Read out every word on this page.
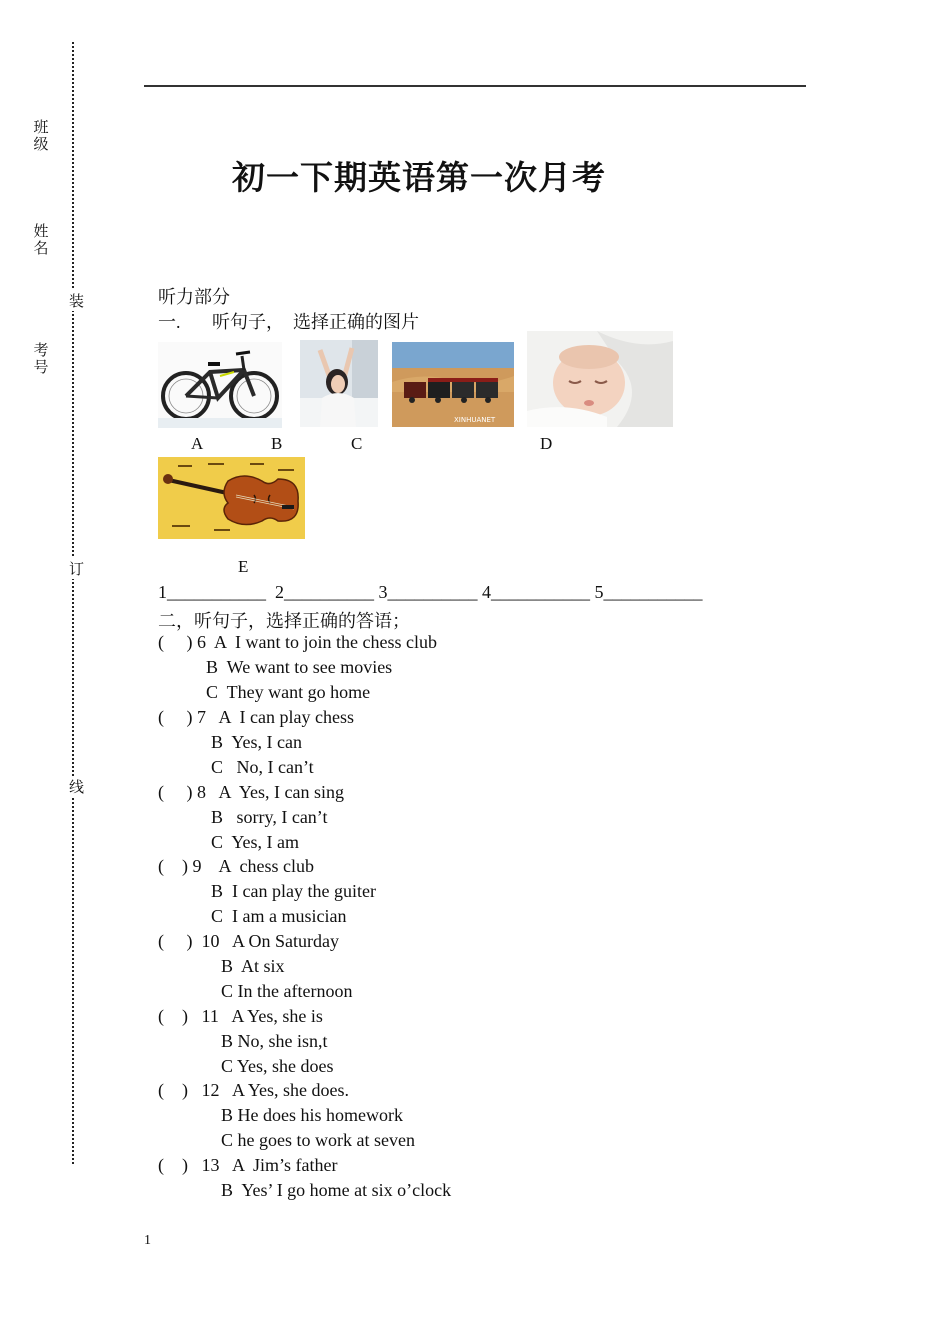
班 级
姓 名
考 号
装
订
线
初一下期英语第一次月考
听力部分
一. 听句子，  选择正确的图片
XINHUANET
A	B	C	D
E
1___________  2__________ 3__________ 4___________ 5___________
二，听句子，选择正确的答语；
(     ) 6  A  I want to join the chess club
B  We want to see movies
C  They want go home
(     ) 7   A  I can play chess
B  Yes, I can
C   No, I can’t
(     ) 8   A  Yes, I can sing
B   sorry, I can’t
C  Yes, I am
(    ) 9    A  chess club
B  I can play the guiter
C  I am a musician
(     )  10   A On Saturday
B  At six
C In the afternoon
(    )   11   A Yes, she is
B No, she isn,t
C Yes, she does
(    )   12   A Yes, she does.
B He does his homework
C he goes to work at seven
(    )   13   A  Jim’s father
B  Yes’ I go home at six o’clock
1
